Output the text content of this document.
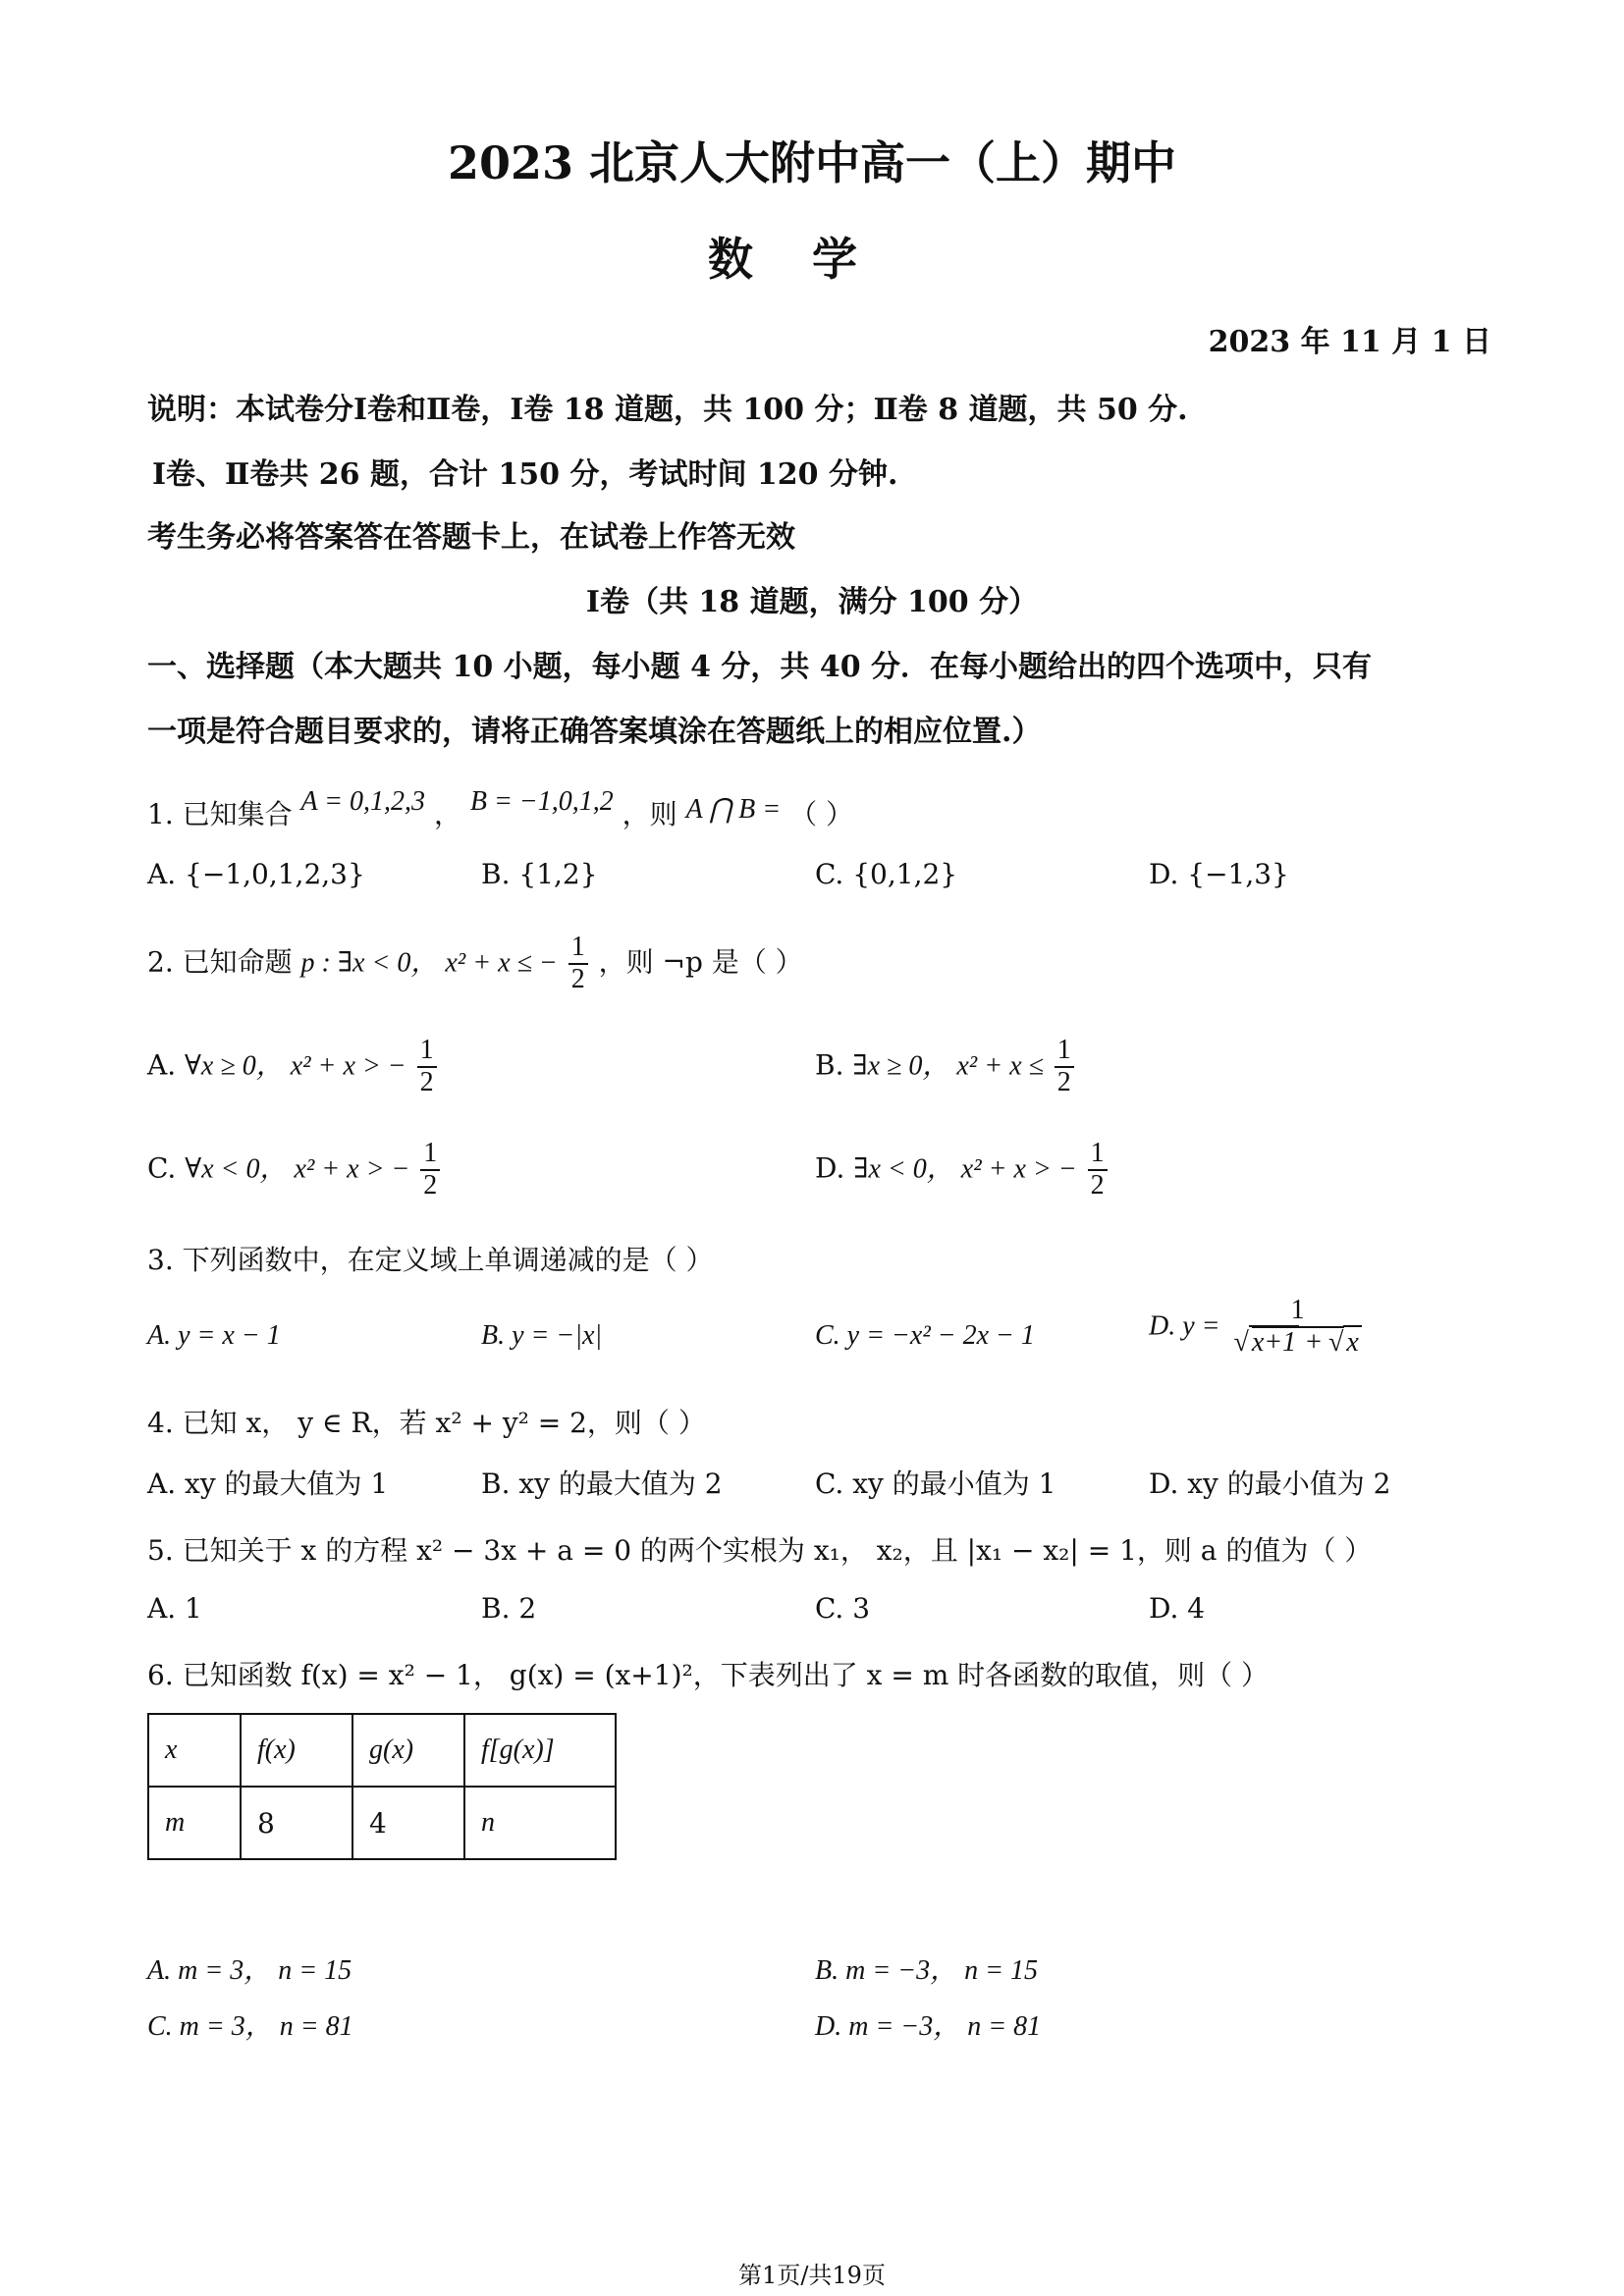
2023 北京人大附中高一（上）期中
数学
2023 年 11 月 1 日
说明：本试卷分Ⅰ卷和Ⅱ卷，Ⅰ卷 18 道题，共 100 分；Ⅱ卷 8 道题，共 50 分.
Ⅰ卷、Ⅱ卷共 26 题，合计 150 分，考试时间 120 分钟.
考生务必将答案答在答题卡上，在试卷上作答无效
Ⅰ卷（共 18 道题，满分 100 分）
一、选择题（本大题共 10 小题，每小题 4 分，共 40 分．在每小题给出的四个选项中，只有
一项是符合题目要求的，请将正确答案填涂在答题纸上的相应位置.）
1. 已知集合 A = 0,1,2,3 ， B = −1,0,1,2 ，则 A ⋂ B = （ ）
A. {−1,0,1,2,3}	B. {1,2}	C. {0,1,2}	D. {−1,3}
2. 已知命题 p : ∃x < 0， x² + x ≤ − $\frac{1}{2}$ ，则 ¬p 是（ ）
A. ∀x ≥ 0， x² + x > − $\frac{1}{2}$	B. ∃x ≥ 0， $x^2 + x \le \frac{1}{2}$
C. ∀x < 0， x² + x > − $\frac{1}{2}$	D. ∃x < 0， x² + x > − $\frac{1}{2}$
3. 下列函数中，在定义域上单调递减的是（ ）
A. y = x − 1	B. y = −|x|	C. y = −x² − 2x − 1	D. $y = \frac{1}{√ x+1 + √ x}$
4. 已知 x， y ∈ R，若 x² + y² = 2，则（ ）
A. xy 的最大值为 1	B. xy 的最大值为 2	C. xy 的最小值为 1	D. xy 的最小值为 2
5. 已知关于 x 的方程 x² − 3x + a = 0 的两个实根为 x₁， x₂，且 |x₁ − x₂| = 1，则 a 的值为（ ）
A. 1	B. 2	C. 3	D. 4
6. 已知函数 f(x) = x² − 1， g(x) = (x+1)²，下表列出了 x = m 时各函数的取值，则（ ）
x	f(x)	g(x)	f[g(x)]
m	8	4	n
A. m = 3， n = 15	B. m = −3， n = 15
C. m = 3， n = 81	D. m = −3， n = 81
第1页/共19页
